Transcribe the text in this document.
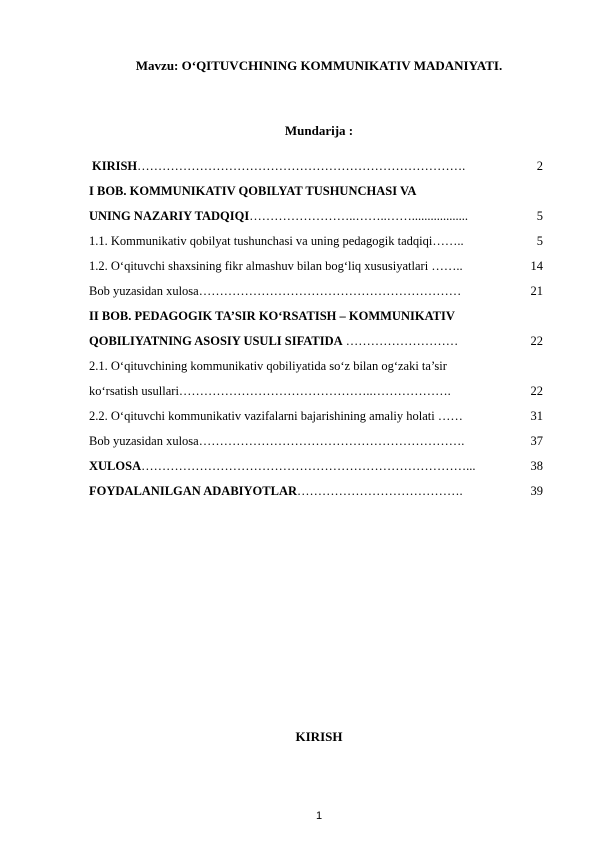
Mavzu: O‘QITUVCHINING KOMMUNIKATIV MADANIYATI.
Mundarija :
KIRISH…………………………………………………………………….	2
I BOB. KOMMUNIKATIV QOBILYAT TUSHUNCHASI VA
UNING NAZARIY TADQIQI……………………..……..……..................	5
1.1. Kommunikativ qobilyat tushunchasi va uning pedagogik tadqiqi……..	5
1.2. O‘qituvchi shaxsining fikr almashuv bilan bog‘liq xususiyatlari ……..	14
Bob yuzasidan xulosa………………………………………………………	21
II BOB. PEDAGOGIK TA’SIR KO‘RSATISH – KOMMUNIKATIV
QOBILIYATNING ASOSIY USULI SIFATIDA ………………………	22
2.1. O‘qituvchining kommunikativ qobiliyatida so‘z bilan og‘zaki ta’sir
ko‘rsatish usullari………………………………………..……………….	22
2.2. O‘qituvchi kommunikativ vazifalarni bajarishining amaliy holati ……	31
Bob yuzasidan xulosa……………………………………………………….	37
XULOSA……………………………………………………………………...	38
FOYDALANILGAN ADABIYOTLAR………………………………….	39
KIRISH
1
